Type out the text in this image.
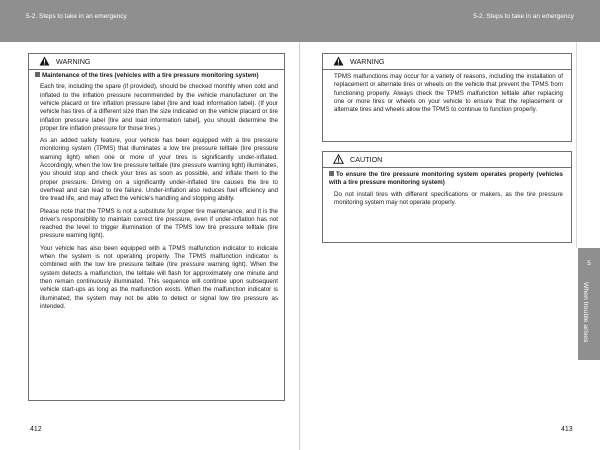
5-2. Steps to take in an emergency	5-2. Steps to take in an emergency
WARNING

Maintenance of the tires (vehicles with a tire pressure monitoring system)

Each tire, including the spare (if provided), should be checked monthly when cold and inflated to the inflation pressure recommended by the vehicle manufacturer on the vehicle placard or tire inflation pressure label (tire and load information label). (If your vehicle has tires of a different size than the size indicated on the vehicle placard or tire inflation pressure label [tire and load information label], you should determine the proper tire inflation pressure for those tires.)

As an added safety feature, your vehicle has been equipped with a tire pressure monitoring system (TPMS) that illuminates a low tire pressure telltale (tire pressure warning light) when one or more of your tires is significantly under-inflated. Accordingly, when the low tire pressure telltale (tire pressure warning light) illuminates, you should stop and check your tires as soon as possible, and inflate them to the proper pressure. Driving on a significantly under-inflated tire causes the tire to overheat and can lead to tire failure. Under-inflation also reduces fuel efficiency and tire tread life, and may affect the vehicle's handling and stopping ability.

Please note that the TPMS is not a substitute for proper tire maintenance, and it is the driver's responsibility to maintain correct tire pressure, even if under-inflation has not reached the level to trigger illumination of the TPMS low tire pressure telltale (tire pressure warning light).

Your vehicle has also been equipped with a TPMS malfunction indicator to indicate when the system is not operating properly. The TPMS malfunction indicator is combined with the low tire pressure telltale (tire pressure warning light). When the system detects a malfunction, the telltale will flash for approximately one minute and then remain continuously illuminated. This sequence will continue upon subsequent vehicle start-ups as long as the malfunction exists. When the malfunction indicator is illuminated, the system may not be able to detect or signal low tire pressure as intended.

WARNING

TPMS malfunctions may occur for a variety of reasons, including the installation of replacement or alternate tires or wheels on the vehicle that prevent the TPMS from functioning properly. Always check the TPMS malfunction telltale after replacing one or more tires or wheels on your vehicle to ensure that the replacement or alternate tires and wheels allow the TPMS to continue to function properly.

CAUTION

To ensure the tire pressure monitoring system operates properly (vehicles with a tire pressure monitoring system)

Do not install tires with different specifications or makers, as the tire pressure monitoring system may not operate properly.

5
When trouble arises
412	413
